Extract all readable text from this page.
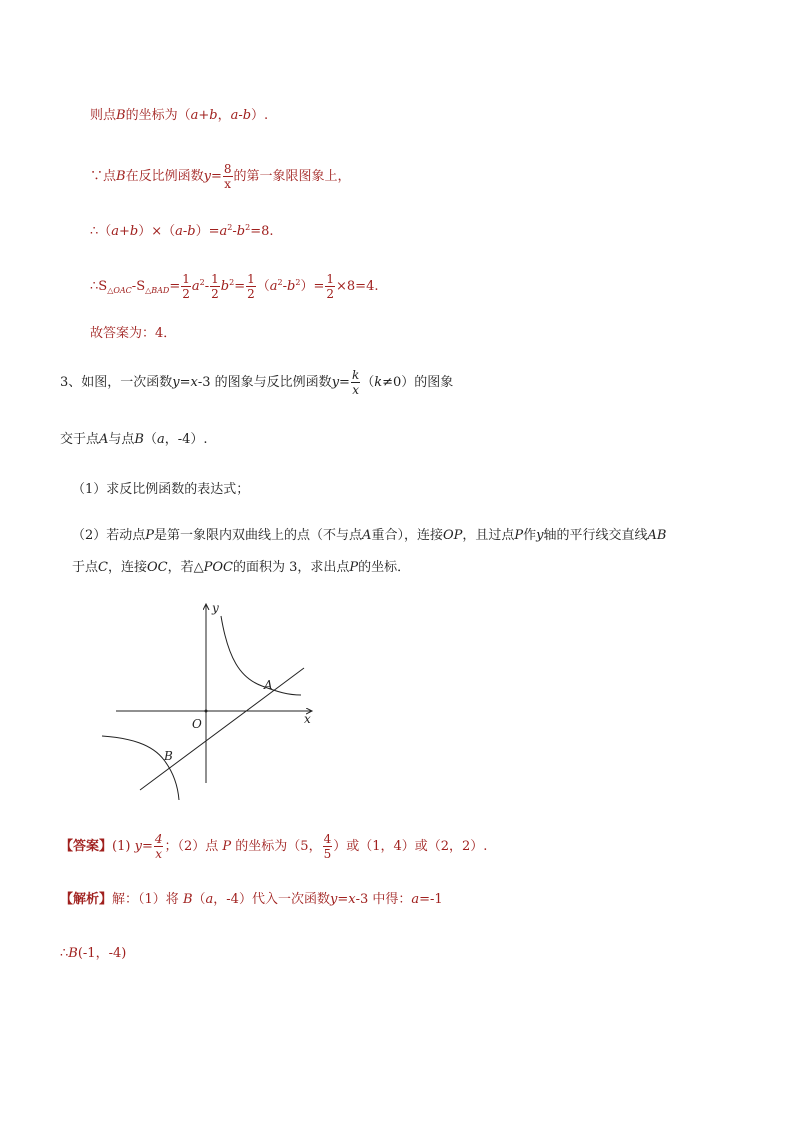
则点B的坐标为（a+b，a-b）.
∵点B在反比例函数$y= \frac{8}{x}$ 的第一象限图象上，
$\therefore(a+b)\times(a-b)=a^2-b^2=8$.
$\therefore S_{\triangle OAC}-S_{\triangle BAD}= \frac{1}{2} a^2- \frac{1}{2} b^2= \frac{1}{2} (a^2-b^2)= \frac{1}{2} \times 8=4$.
故答案为：4．
3、如图，一次函数y=x-3 的图象与反比例函数$y= \frac{k}{x} (k\ne 0)$的图象
交于点A与点B（a，-4）.
（1）求反比例函数的表达式；
（2）若动点P是第一象限内双曲线上的点（不与点A重合），连接OP，且过点P作y轴的平行线交直线AB
于点C，连接OC，若△POC的面积为 3，求出点P的坐标．
y
x
O
A
B
【答案】(1) $y= \frac{4}{x}$ ；（2）点 P 的坐标为（5， $\frac{4}{5}$ ）或（1，4）或（2，2）.
【解析】解：（1）将 B（a，-4）代入一次函数y=x-3 中得：a=-1
∴B(-1，-4)
